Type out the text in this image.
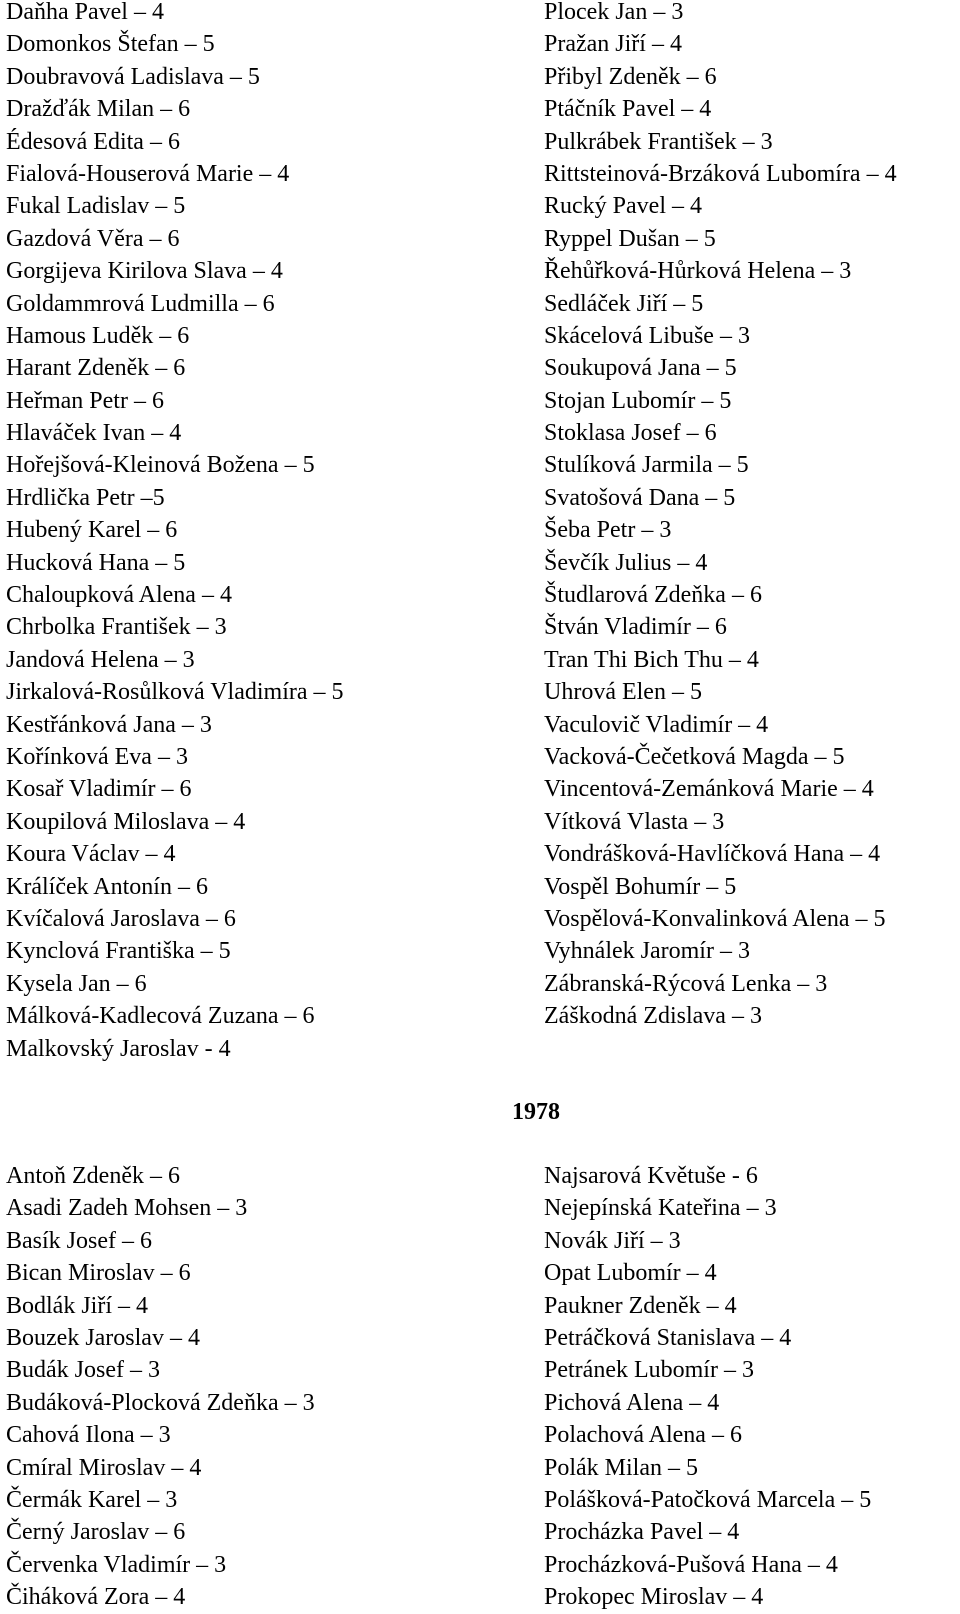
Daňha Pavel – 4
Domonkos Štefan – 5
Doubravová Ladislava – 5
Dražďák Milan – 6
Édesová Edita – 6
Fialová-Houserová Marie – 4
Fukal Ladislav – 5
Gazdová Věra – 6
Gorgijeva Kirilova Slava – 4
Goldammrová Ludmilla – 6
Hamous Luděk – 6
Harant Zdeněk – 6
Heřman Petr – 6
Hlaváček Ivan – 4
Hořejšová-Kleinová Božena – 5
Hrdlička Petr –5
Hubený Karel – 6
Hucková Hana – 5
Chaloupková Alena – 4
Chrbolka František – 3
Jandová Helena – 3
Jirkalová-Rosůlková Vladimíra – 5
Kestřánková Jana – 3
Kořínková Eva – 3
Kosař Vladimír – 6
Koupilová Miloslava – 4
Koura Václav – 4
Králíček Antonín – 6
Kvíčalová Jaroslava – 6
Kynclová Františka – 5
Kysela Jan – 6
Málková-Kadlecová Zuzana – 6
Malkovský Jaroslav - 4
Plocek Jan – 3
Pražan Jiří – 4
Přibyl Zdeněk – 6
Ptáčník Pavel – 4
Pulkrábek František – 3
Rittsteinová-Brzáková Lubomíra – 4
Rucký Pavel – 4
Ryppel Dušan – 5
Řehůřková-Hůrková Helena – 3
Sedláček Jiří – 5
Skácelová Libuše – 3
Soukupová Jana – 5
Stojan Lubomír – 5
Stoklasa Josef – 6
Stulíková Jarmila – 5
Svatošová Dana – 5
Šeba Petr – 3
Ševčík Julius – 4
Študlarová Zdeňka – 6
Štván Vladimír – 6
Tran Thi Bich Thu – 4
Uhrová Elen – 5
Vaculovič Vladimír – 4
Vacková-Čečetková Magda – 5
Vincentová-Zemánková Marie – 4
Vítková Vlasta – 3
Vondrášková-Havlíčková Hana – 4
Vospěl Bohumír – 5
Vospělová-Konvalinková Alena – 5
Vyhnálek Jaromír – 3
Zábranská-Rýcová Lenka – 3
Záškodná Zdislava – 3
1978
Antoň Zdeněk – 6
Asadi Zadeh Mohsen – 3
Basík Josef – 6
Bican Miroslav – 6
Bodlák Jiří – 4
Bouzek Jaroslav – 4
Budák Josef – 3
Budáková-Plocková Zdeňka – 3
Cahová Ilona – 3
Cmíral Miroslav – 4
Čermák Karel – 3
Černý Jaroslav – 6
Červenka Vladimír – 3
Čiháková Zora – 4
Najsarová Květuše - 6
Nejepínská Kateřina – 3
Novák Jiří – 3
Opat Lubomír – 4
Paukner Zdeněk – 4
Petráčková Stanislava – 4
Petránek Lubomír – 3
Pichová Alena – 4
Polachová Alena – 6
Polák Milan – 5
Polášková-Patočková Marcela – 5
Procházka Pavel – 4
Procházková-Pušová Hana – 4
Prokopec Miroslav – 4
